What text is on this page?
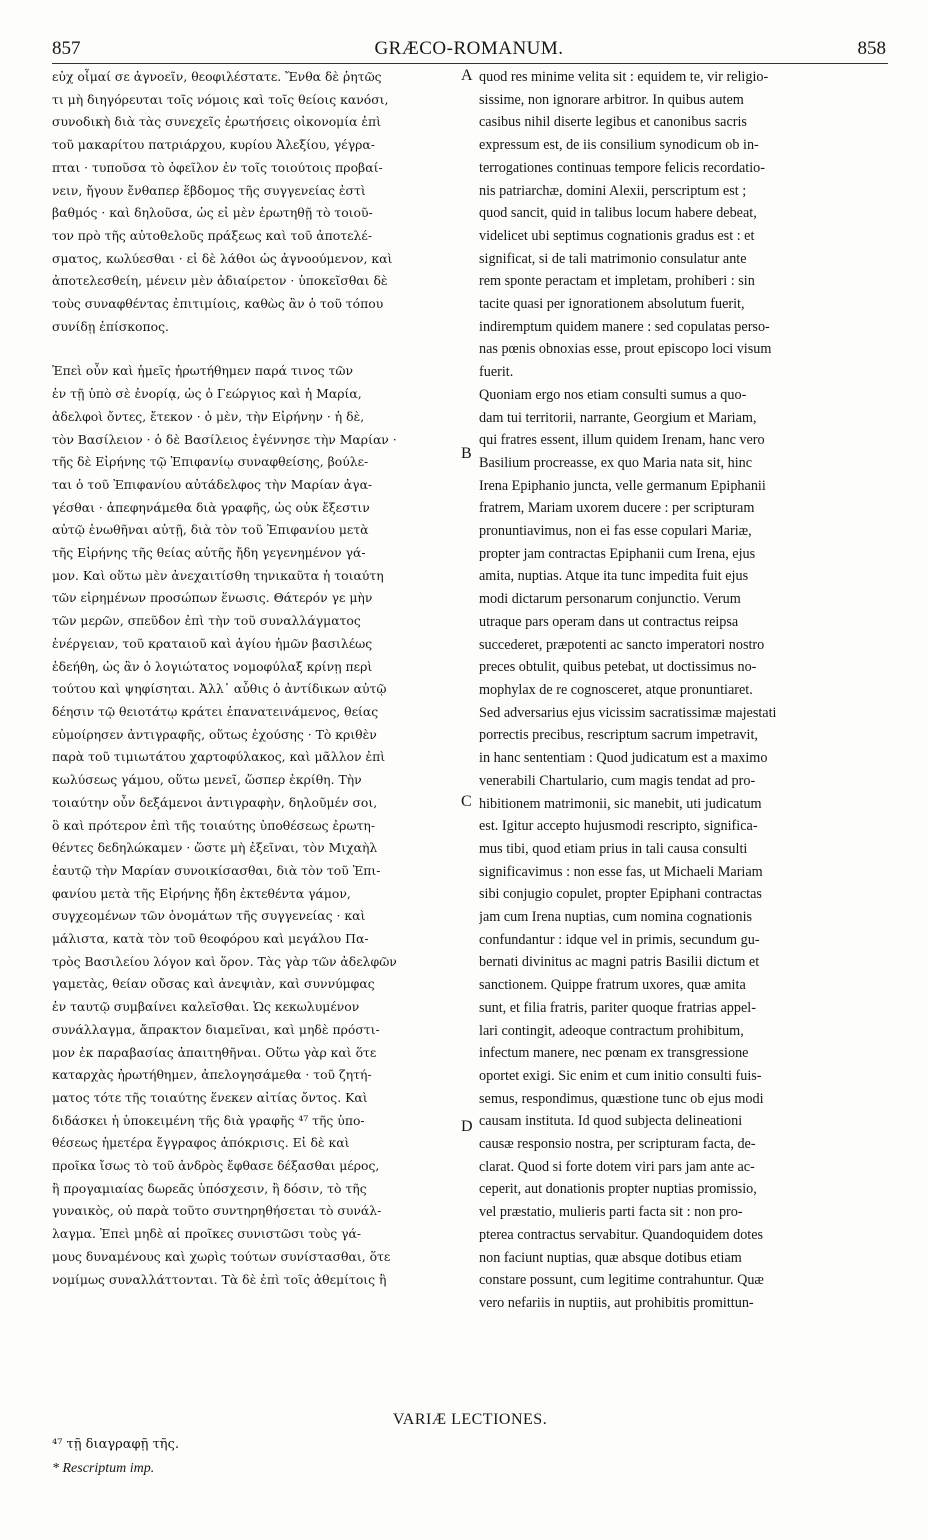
857	GRÆCO-ROMANUM.	858

εὐχ οἶμαί σε ἀγνοεῖν, θεοφιλέστατε. Ἔνθα δὲ ῥητῶς

τι μὴ διηγόρευται τοῖς νόμοις καὶ τοῖς θείοις κανόσι,

συνοδικὴ διὰ τὰς συνεχεῖς ἐρωτήσεις οἰκονομία ἐπὶ

τοῦ μακαρίτου πατριάρχου, κυρίου Ἀλεξίου, γέγρα-

πται · τυποῦσα τὸ ὀφεῖλον ἐν τοῖς τοιούτοις προβαί-

νειν, ἤγουν ἔνθαπερ ἕβδομος τῆς συγγενείας ἐστὶ

βαθμός · καὶ δηλοῦσα, ὡς εἰ μὲν ἐρωτηθῇ τὸ τοιοῦ-

τον πρὸ τῆς αὐτοθελοῦς πράξεως καὶ τοῦ ἀποτελέ-

σματος, κωλύεσθαι · εἰ δὲ λάθοι ὡς ἀγνοούμενον, καὶ

ἀποτελεσθείη, μένειν μὲν ἀδιαίρετον · ὑποκεῖσθαι δὲ

τοὺς συναφθέντας ἐπιτιμίοις, καθὼς ἂν ὁ τοῦ τόπου

συνίδῃ ἐπίσκοπος.

Ἐπεὶ οὖν καὶ ἡμεῖς ἠρωτήθημεν παρά τινος τῶν

ἐν τῇ ὑπὸ σὲ ἐνορίᾳ, ὡς ὁ Γεώργιος καὶ ἡ Μαρία,

ἀδελφοὶ ὄντες, ἔτεκον · ὁ μὲν, τὴν Εἰρήνην · ἡ δὲ,

τὸν Βασίλειον · ὁ δὲ Βασίλειος ἐγέννησε τὴν Μαρίαν ·

τῆς δὲ Εἰρήνης τῷ Ἐπιφανίῳ συναφθείσης, βούλε-

ται ὁ τοῦ Ἐπιφανίου αὐτάδελφος τὴν Μαρίαν ἀγα-

γέσθαι · ἀπεφηνάμεθα διὰ γραφῆς, ὡς οὐκ ἔξεστιν

αὐτῷ ἑνωθῆναι αὐτῇ, διὰ τὸν τοῦ Ἐπιφανίου μετὰ

τῆς Εἰρήνης τῆς θείας αὐτῆς ἤδη γεγενημένον γά-

μον. Καὶ οὕτω μὲν ἀνεχαιτίσθη τηνικαῦτα ἡ τοιαύτη

τῶν εἰρημένων προσώπων ἕνωσις. Θάτερόν γε μὴν

τῶν μερῶν, σπεῦδον ἐπὶ τὴν τοῦ συναλλάγματος

ἐνέργειαν, τοῦ κραταιοῦ καὶ ἁγίου ἡμῶν βασιλέως

ἐδεήθη, ὡς ἂν ὁ λογιώτατος νομοφύλαξ κρίνῃ περὶ

τούτου καὶ ψηφίσηται. Ἀλλ᾽ αὖθις ὁ ἀντίδικων αὐτῷ

δέησιν τῷ θειοτάτῳ κράτει ἐπανατεινάμενος, θείας

εὐμοίρησεν ἀντιγραφῆς, οὕτως ἐχούσης · Τὸ κριθὲν

παρὰ τοῦ τιμιωτάτου χαρτοφύλακος, καὶ μᾶλλον ἐπὶ

κωλύσεως γάμου, οὕτω μενεῖ, ὥσπερ ἐκρίθη. Τὴν

τοιαύτην οὖν δεξάμενοι ἀντιγραφὴν, δηλοῦμέν σοι,

ὃ καὶ πρότερον ἐπὶ τῆς τοιαύτης ὑποθέσεως ἐρωτη-

θέντες δεδηλώκαμεν · ὥστε μὴ ἐξεῖναι, τὸν Μιχαὴλ

ἑαυτῷ τὴν Μαρίαν συνοικίσασθαι, διὰ τὸν τοῦ Ἐπι-

φανίου μετὰ τῆς Εἰρήνης ἤδη ἐκτεθέντα γάμον,

συγχεομένων τῶν ὀνομάτων τῆς συγγενείας · καὶ

μάλιστα, κατὰ τὸν τοῦ θεοφόρου καὶ μεγάλου Πα-

τρὸς Βασιλείου λόγον καὶ ὅρον. Τὰς γὰρ τῶν ἀδελφῶν

γαμετὰς, θείαν οὔσας καὶ ἀνεψιὰν, καὶ συννύμφας

ἐν ταυτῷ συμβαίνει καλεῖσθαι. Ὡς κεκωλυμένον

συνάλλαγμα, ἄπρακτον διαμεῖναι, καὶ μηδὲ πρόστι-

μον ἐκ παραβασίας ἀπαιτηθῆναι. Οὕτω γὰρ καὶ ὅτε

καταρχὰς ἠρωτήθημεν, ἀπελογησάμεθα · τοῦ ζητή-

ματος τότε τῆς τοιαύτης ἕνεκεν αἰτίας ὄντος. Καὶ

διδάσκει ἡ ὑποκειμένη τῆς διὰ γραφῆς ⁴⁷ τῆς ὑπο-

θέσεως ἡμετέρα ἔγγραφος ἀπόκρισις. Εἰ δὲ καὶ

προῖκα ἴσως τὸ τοῦ ἀνδρὸς ἔφθασε δέξασθαι μέρος,

ἢ προγαμιαίας δωρεᾶς ὑπόσχεσιν, ἢ δόσιν, τὸ τῆς

γυναικὸς, οὐ παρὰ τοῦτο συντηρηθήσεται τὸ συνάλ-

λαγμα. Ἐπεὶ μηδὲ αἱ προῖκες συνιστῶσι τοὺς γά-

μους δυναμένους καὶ χωρὶς τούτων συνίστασθαι, ὅτε

νομίμως συναλλάττονται. Τὰ δὲ ἐπὶ τοῖς ἀθεμίτοις ἢ

quod res minime velita sit : equidem te, vir religio-

sissime, non ignorare arbitror. In quibus autem

casibus nihil diserte legibus et canonibus sacris

expressum est, de iis consilium synodicum ob in-

terrogationes continuas tempore felicis recordatio-

nis patriarchæ, domini Alexii, perscriptum est ;

quod sancit, quid in talibus locum habere debeat,

videlicet ubi septimus cognationis gradus est : et

significat, si de tali matrimonio consulatur ante

rem sponte peractam et impletam, prohiberi : sin

tacite quasi per ignorationem absolutum fuerit,

indiremptum quidem manere : sed copulatas perso-

nas pœnis obnoxias esse, prout episcopo loci visum

fuerit.

Quoniam ergo nos etiam consulti sumus a quo-

dam tui territorii, narrante, Georgium et Mariam,

qui fratres essent, illum quidem Irenam, hanc vero

Basilium procreasse, ex quo Maria nata sit, hinc

Irena Epiphanio juncta, velle germanum Epiphanii

fratrem, Mariam uxorem ducere : per scripturam

pronuntiavimus, non ei fas esse copulari Mariæ,

propter jam contractas Epiphanii cum Irena, ejus

amita, nuptias. Atque ita tunc impedita fuit ejus

modi dictarum personarum conjunctio. Verum

utraque pars operam dans ut contractus reipsa

succederet, præpotenti ac sancto imperatori nostro

preces obtulit, quibus petebat, ut doctissimus no-

mophylax de re cognosceret, atque pronuntiaret.

Sed adversarius ejus vicissim sacratissimæ majestati

porrectis precibus, rescriptum sacrum impetravit,

in hanc sententiam : Quod judicatum est a maximo

venerabili Chartulario, cum magis tendat ad pro-

hibitionem matrimonii, sic manebit, uti judicatum

est. Igitur accepto hujusmodi rescripto, significa-

mus tibi, quod etiam prius in tali causa consulti

significavimus : non esse fas, ut Michaeli Mariam

sibi conjugio copulet, propter Epiphani contractas

jam cum Irena nuptias, cum nomina cognationis

confundantur : idque vel in primis, secundum gu-

bernati divinitus ac magni patris Basilii dictum et

sanctionem. Quippe fratrum uxores, quæ amita

sunt, et filia fratris, pariter quoque fratrias appel-

lari contingit, adeoque contractum prohibitum,

infectum manere, nec pœnam ex transgressione

oportet exigi. Sic enim et cum initio consulti fuis-

semus, respondimus, quæstione tunc ob ejus modi

causam instituta. Id quod subjecta delineationi

causæ responsio nostra, per scripturam facta, de-

clarat. Quod si forte dotem viri pars jam ante ac-

ceperit, aut donationis propter nuptias promissio,

vel præstatio, mulieris parti facta sit : non pro-

pterea contractus servabitur. Quandoquidem dotes

non faciunt nuptias, quæ absque dotibus etiam

constare possunt, cum legitime contrahuntur. Quæ

vero nefariis in nuptiis, aut prohibitis promittun-

A
B
C
D
VARIÆ LECTIONES.
⁴⁷ τῇ διαγραφῇ τῆς.
* Rescriptum imp.
